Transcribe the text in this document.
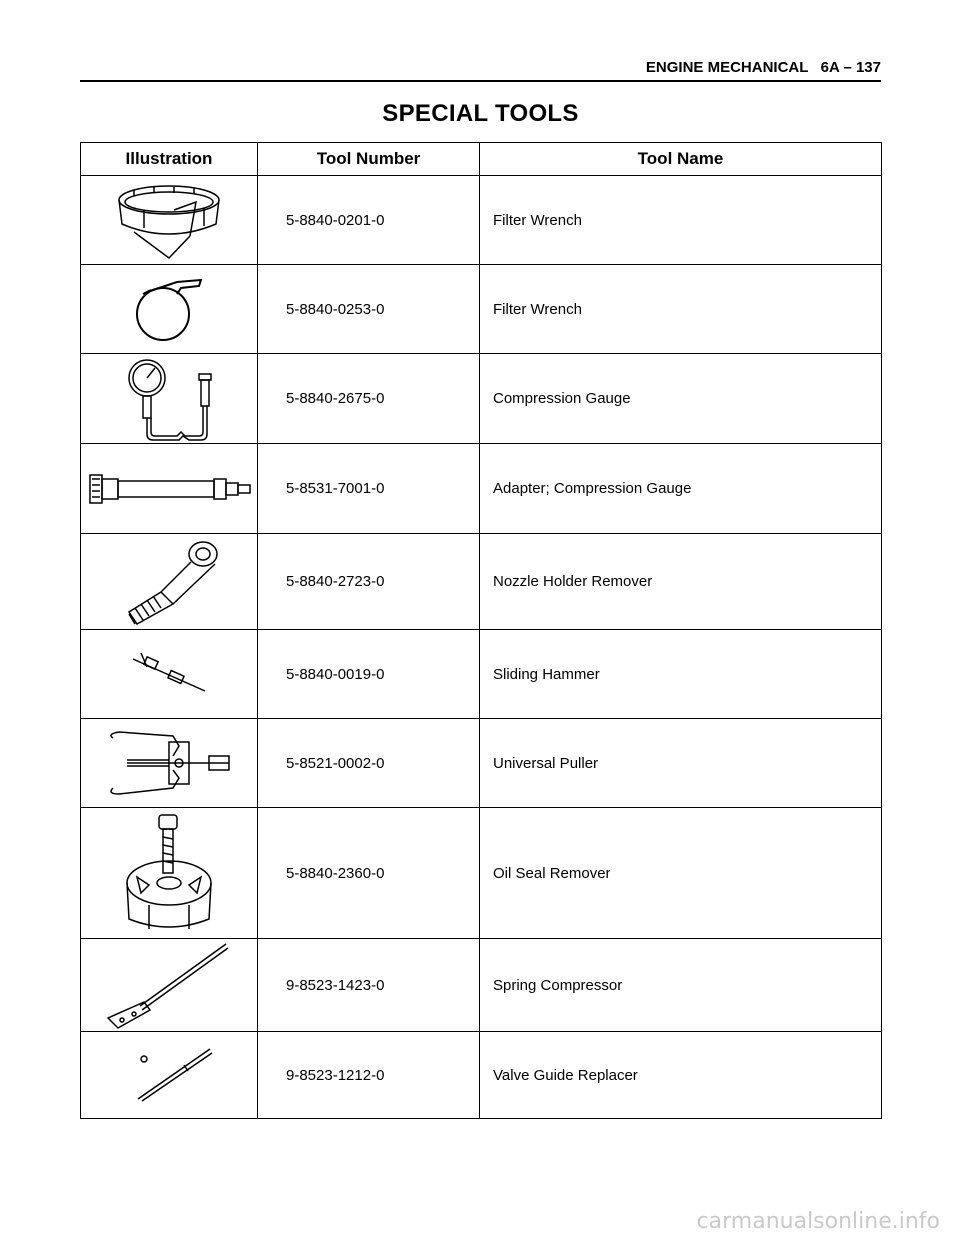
ENGINE MECHANICAL 6A – 137
SPECIAL TOOLS
Illustration	Tool Number	Tool Name

	5-8840-0201-0	Filter Wrench

	5-8840-0253-0	Filter Wrench

	5-8840-2675-0	Compression Gauge

	5-8531-7001-0	Adapter; Compression Gauge

	5-8840-2723-0	Nozzle Holder Remover

	5-8840-0019-0	Sliding Hammer

	5-8521-0002-0	Universal Puller

	5-8840-2360-0	Oil Seal Remover

	9-8523-1423-0	Spring Compressor

	9-8523-1212-0	Valve Guide Replacer
carmanualsonline.info
